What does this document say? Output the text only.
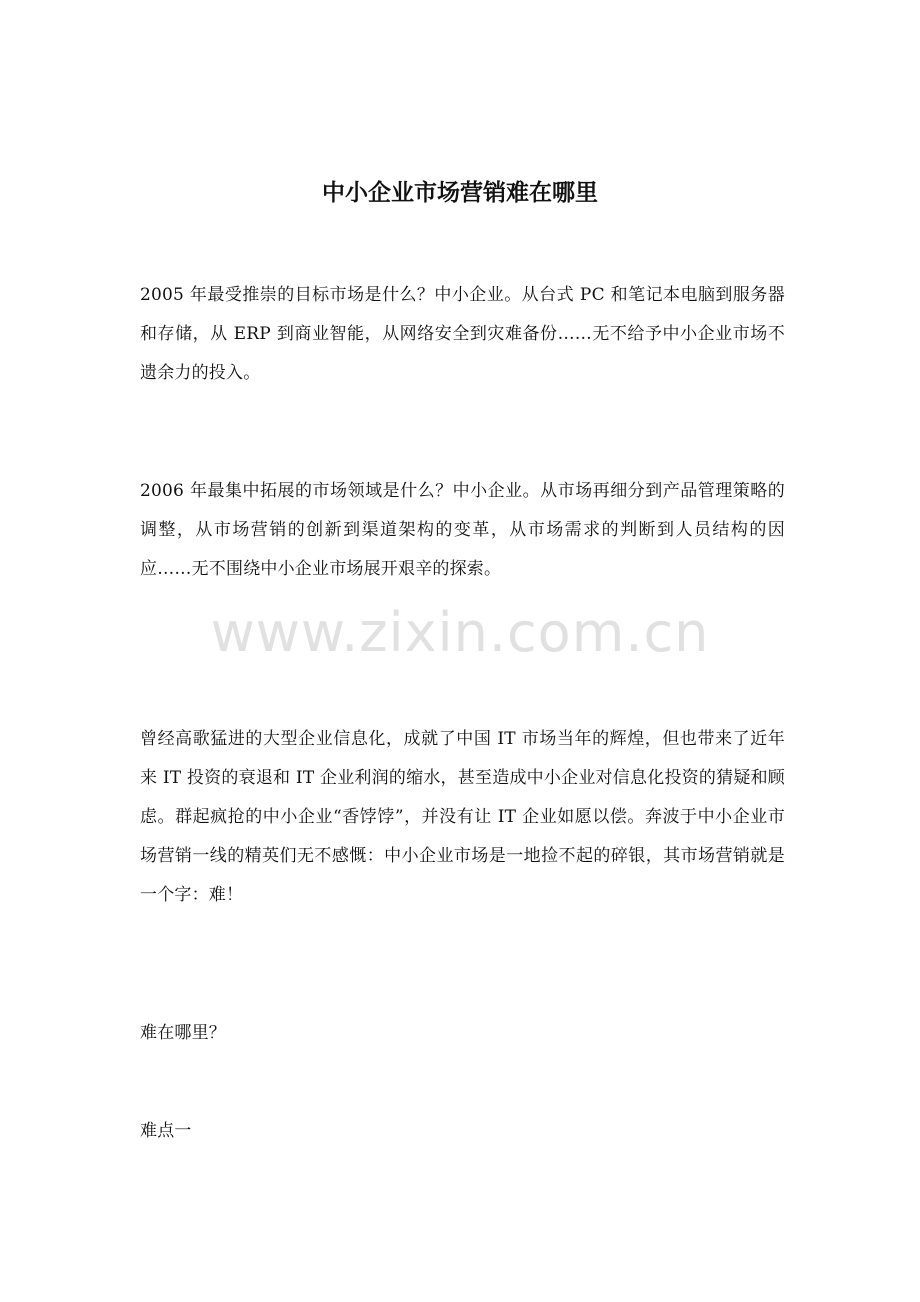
中小企业市场营销难在哪里
2005 年最受推崇的目标市场是什么？中小企业。从台式 PC 和笔记本电脑到服务器和存储，从 ERP 到商业智能，从网络安全到灾难备份……无不给予中小企业市场不遗余力的投入。
2006 年最集中拓展的市场领域是什么？中小企业。从市场再细分到产品管理策略的调整，从市场营销的创新到渠道架构的变革，从市场需求的判断到人员结构的因应……无不围绕中小企业市场展开艰辛的探索。
曾经高歌猛进的大型企业信息化，成就了中国 IT 市场当年的辉煌，但也带来了近年来 IT 投资的衰退和 IT 企业利润的缩水，甚至造成中小企业对信息化投资的猜疑和顾虑。群起疯抢的中小企业“香饽饽”，并没有让 IT 企业如愿以偿。奔波于中小企业市场营销一线的精英们无不感慨：中小企业市场是一地捡不起的碎银，其市场营销就是一个字：难！
难在哪里？
难点一
www.zixin.com.cn
